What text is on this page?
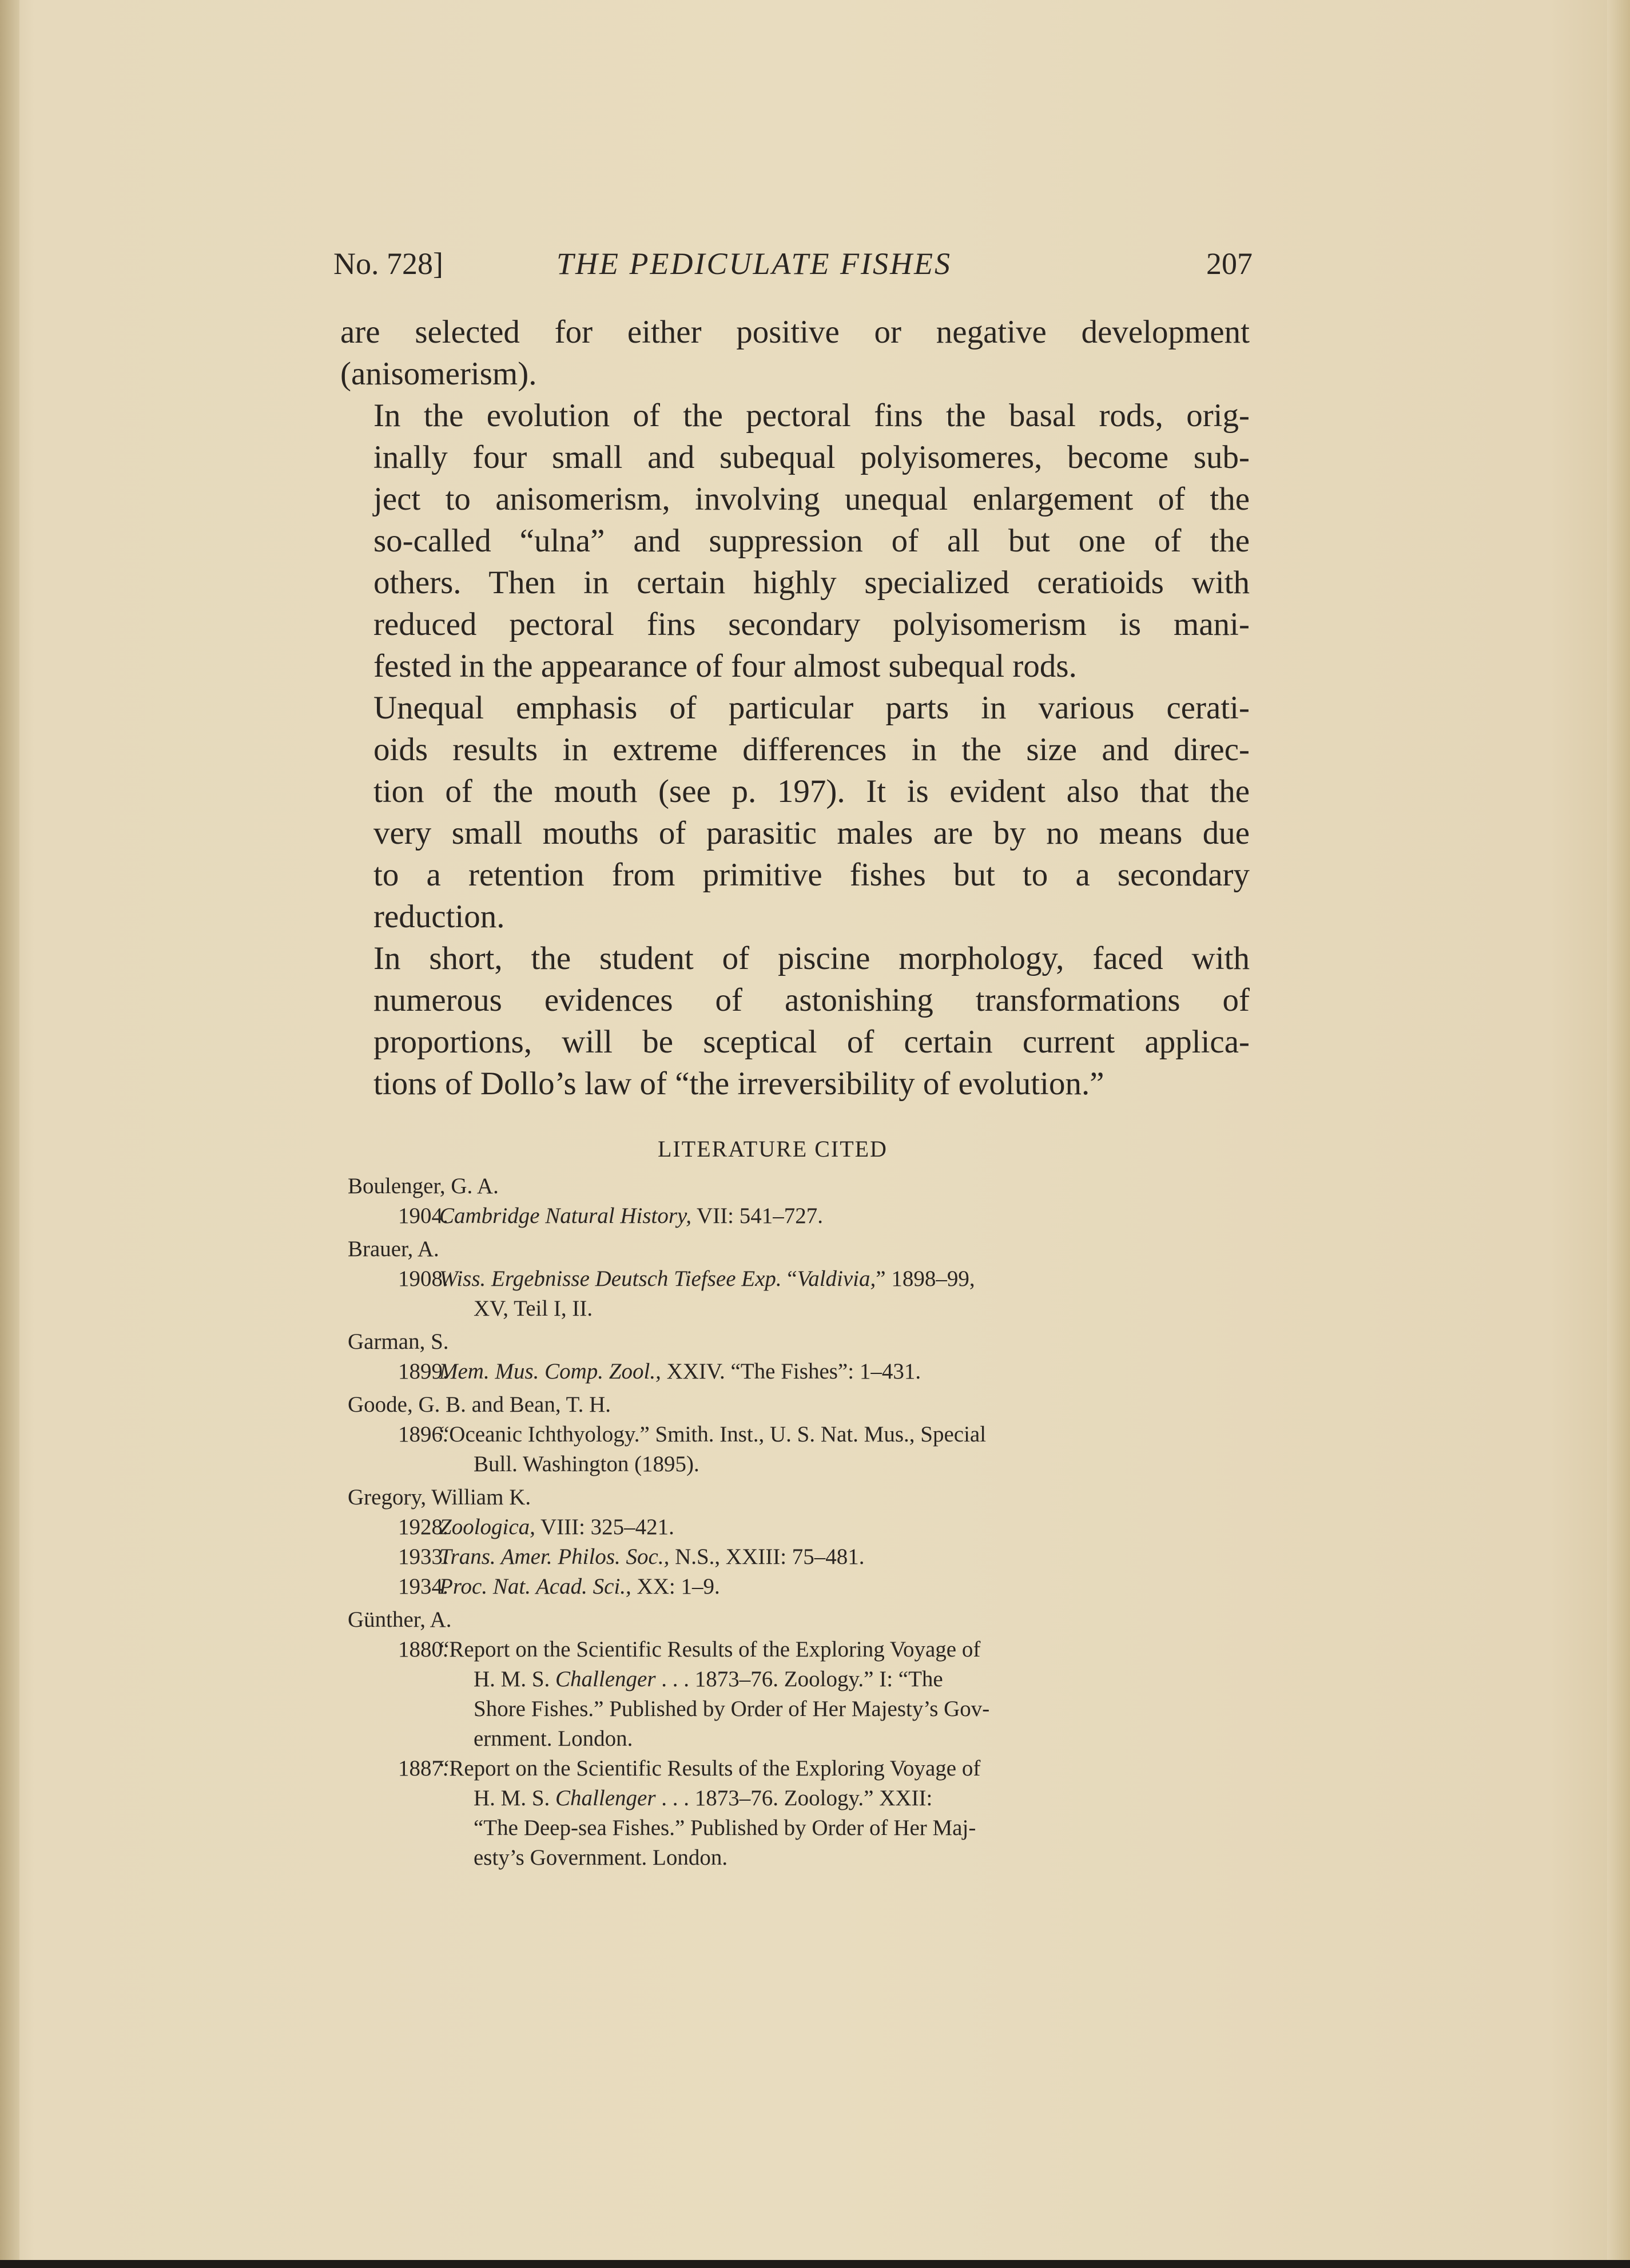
No. 728]	THE PEDICULATE FISHES	207

are selected for either positive or negative development
(anisomerism).

In the evolution of the pectoral fins the basal rods, orig-
inally four small and subequal polyisomeres, become sub-
ject to anisomerism, involving unequal enlargement of the
so-called “ulna” and suppression of all but one of the
others. Then in certain highly specialized ceratioids with
reduced pectoral fins secondary polyisomerism is mani-
fested in the appearance of four almost subequal rods.

Unequal emphasis of particular parts in various cerati-
oids results in extreme differences in the size and direc-
tion of the mouth (see p. 197). It is evident also that the
very small mouths of parasitic males are by no means due
to a retention from primitive fishes but to a secondary
reduction.

In short, the student of piscine morphology, faced with
numerous evidences of astonishing transformations of
proportions, will be sceptical of certain current applica-
tions of Dollo’s law of “the irreversibility of evolution.”

LITERATURE CITED
Boulenger, G. A.
1904.
Cambridge Natural History, VII: 541–727.
Brauer, A.
1908.
Wiss. Ergebnisse Deutsch Tiefsee Exp. “Valdivia,” 1898–99,
XV, Teil I, II.
Garman, S.
1899.
Mem. Mus. Comp. Zool., XXIV. “The Fishes”: 1–431.
Goode, G. B. and Bean, T. H.
1896.
“Oceanic Ichthyology.” Smith. Inst., U. S. Nat. Mus., Special
Bull. Washington (1895).
Gregory, William K.
1928.
Zoologica, VIII: 325–421.
1933.
Trans. Amer. Philos. Soc., N.S., XXIII: 75–481.
1934.
Proc. Nat. Acad. Sci., XX: 1–9.
Günther, A.
1880.
“Report on the Scientific Results of the Exploring Voyage of
H. M. S. Challenger . . . 1873–76. Zoology.” I: “The
Shore Fishes.” Published by Order of Her Majesty’s Gov-
ernment. London.
1887.
“Report on the Scientific Results of the Exploring Voyage of
H. M. S. Challenger . . . 1873–76. Zoology.” XXII:
“The Deep-sea Fishes.” Published by Order of Her Maj-
esty’s Government. London.
